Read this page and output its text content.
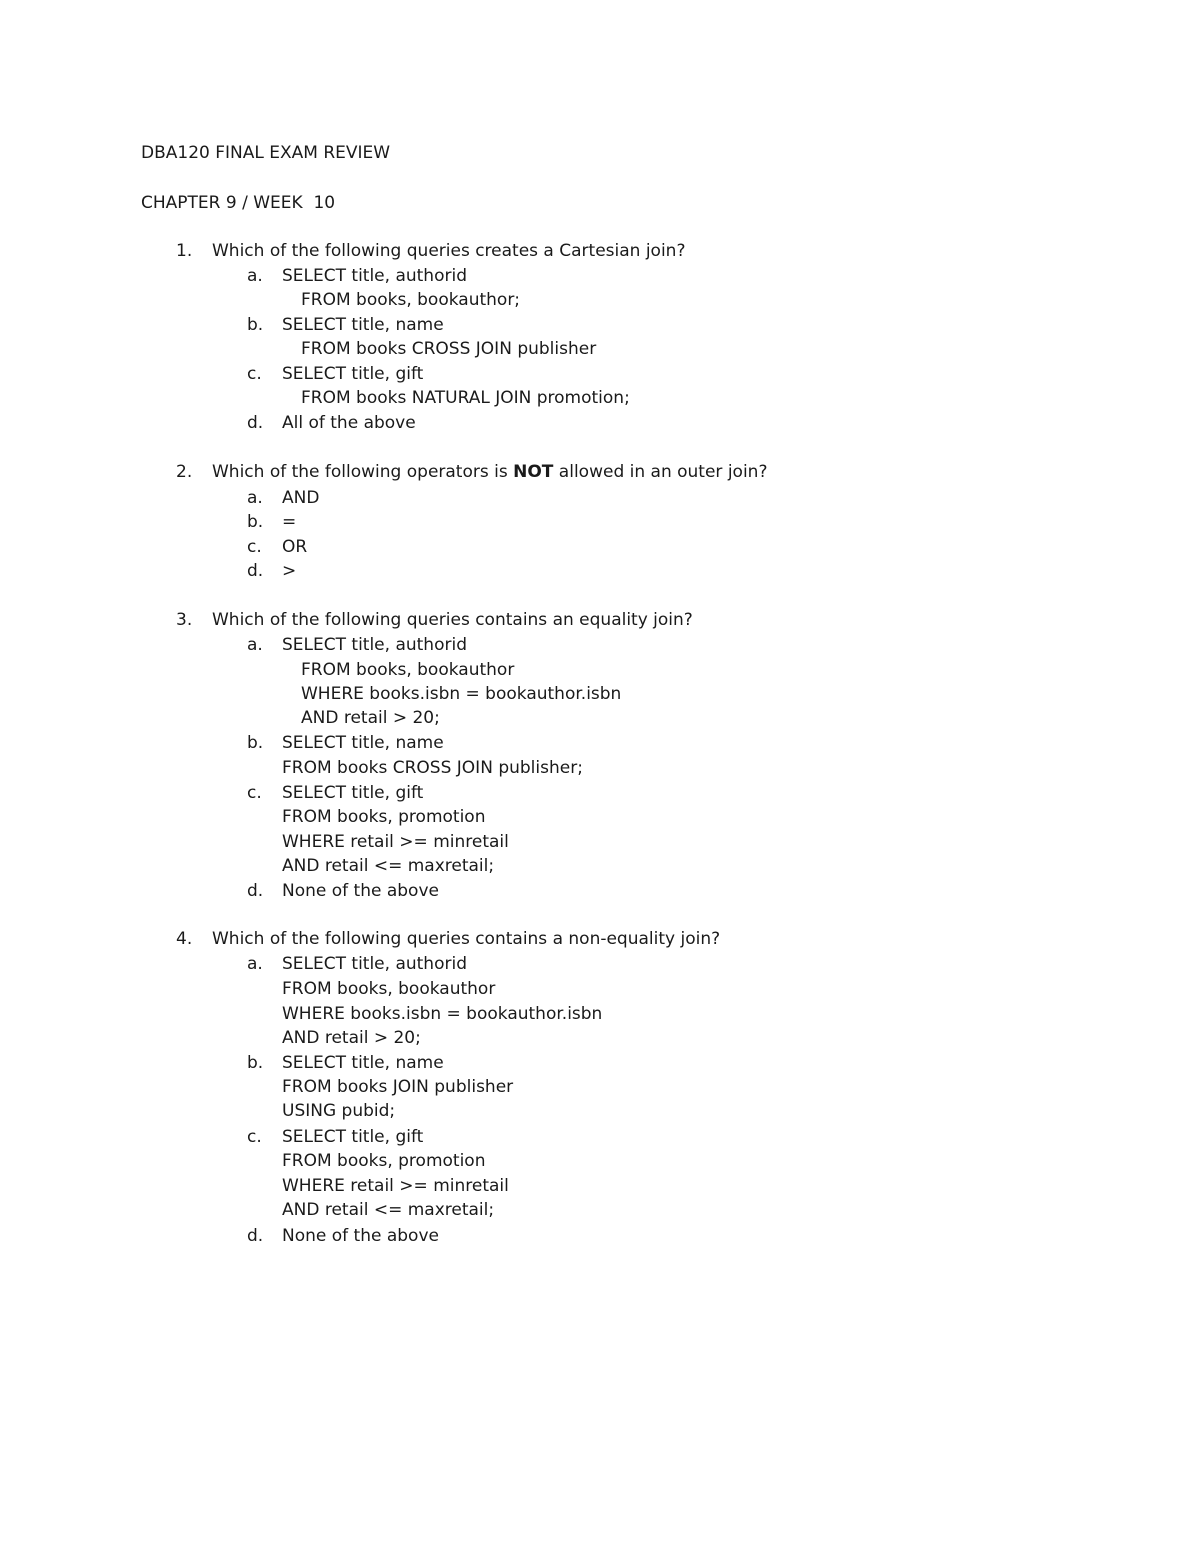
DBA120 FINAL EXAM REVIEW
CHAPTER 9 / WEEK  10
1. Which of the following queries creates a Cartesian join?
a. SELECT title, authorid
FROM books, bookauthor;
b. SELECT title, name
FROM books CROSS JOIN publisher
c. SELECT title, gift
FROM books NATURAL JOIN promotion;
d. All of the above
2. Which of the following operators is NOT allowed in an outer join?
a. AND
b. =
c. OR
d. >
3. Which of the following queries contains an equality join?
a. SELECT title, authorid
FROM books, bookauthor
WHERE books.isbn = bookauthor.isbn
AND retail > 20;
b. SELECT title, name
FROM books CROSS JOIN publisher;
c. SELECT title, gift
FROM books, promotion
WHERE retail >= minretail
AND retail <= maxretail;
d. None of the above
4. Which of the following queries contains a non-equality join?
a. SELECT title, authorid
FROM books, bookauthor
WHERE books.isbn = bookauthor.isbn
AND retail > 20;
b. SELECT title, name
FROM books JOIN publisher
USING pubid;
c. SELECT title, gift
FROM books, promotion
WHERE retail >= minretail
AND retail <= maxretail;
d. None of the above
